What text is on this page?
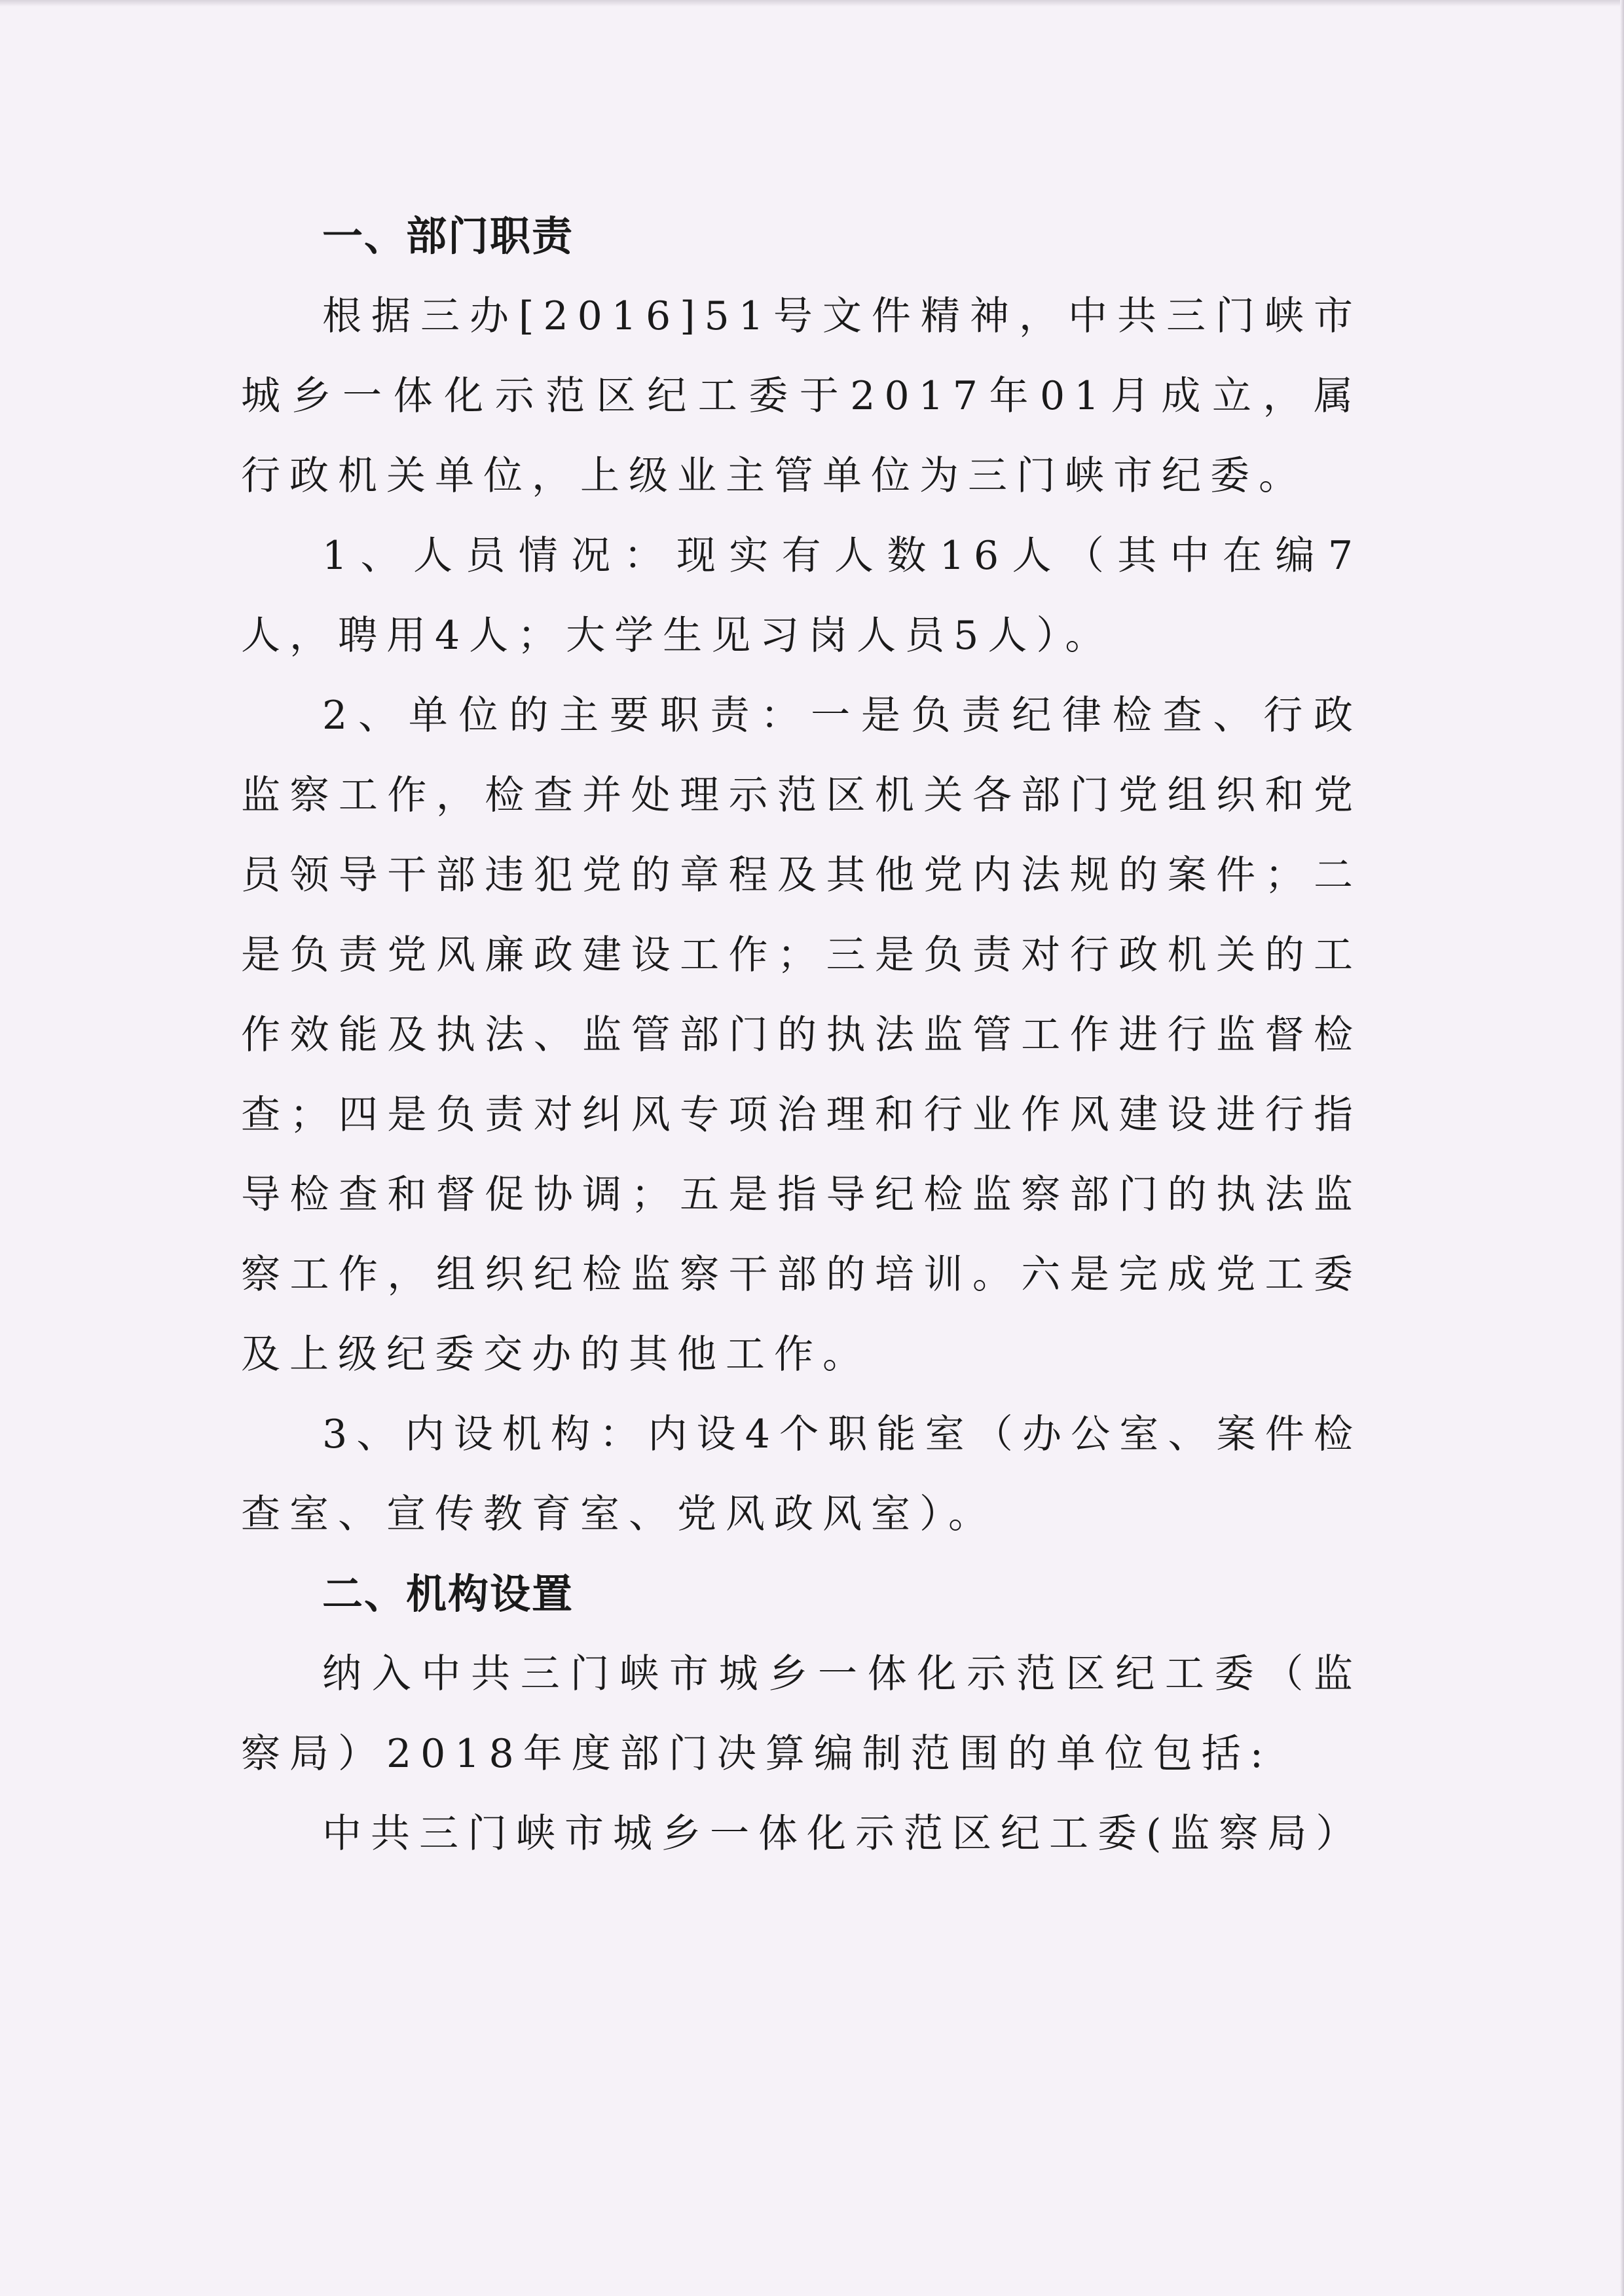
一、部门职责

根据三办[2016]51号文件精神，中共三门峡市城乡一体化示范区纪工委于2017年01月成立，属行政机关单位，上级业主管单位为三门峡市纪委。

1、人员情况：现实有人数16人（其中在编7人，聘用4人；大学生见习岗人员5人）。

2、单位的主要职责：一是负责纪律检查、行政监察工作，检查并处理示范区机关各部门党组织和党员领导干部违犯党的章程及其他党内法规的案件；二是负责党风廉政建设工作；三是负责对行政机关的工作效能及执法、监管部门的执法监管工作进行监督检查；四是负责对纠风专项治理和行业作风建设进行指导检查和督促协调；五是指导纪检监察部门的执法监察工作，组织纪检监察干部的培训。六是完成党工委及上级纪委交办的其他工作。

3、内设机构：内设4个职能室（办公室、案件检查室、宣传教育室、党风政风室）。

二、机构设置

纳入中共三门峡市城乡一体化示范区纪工委（监察局）2018年度部门决算编制范围的单位包括:

中共三门峡市城乡一体化示范区纪工委(监察局）
